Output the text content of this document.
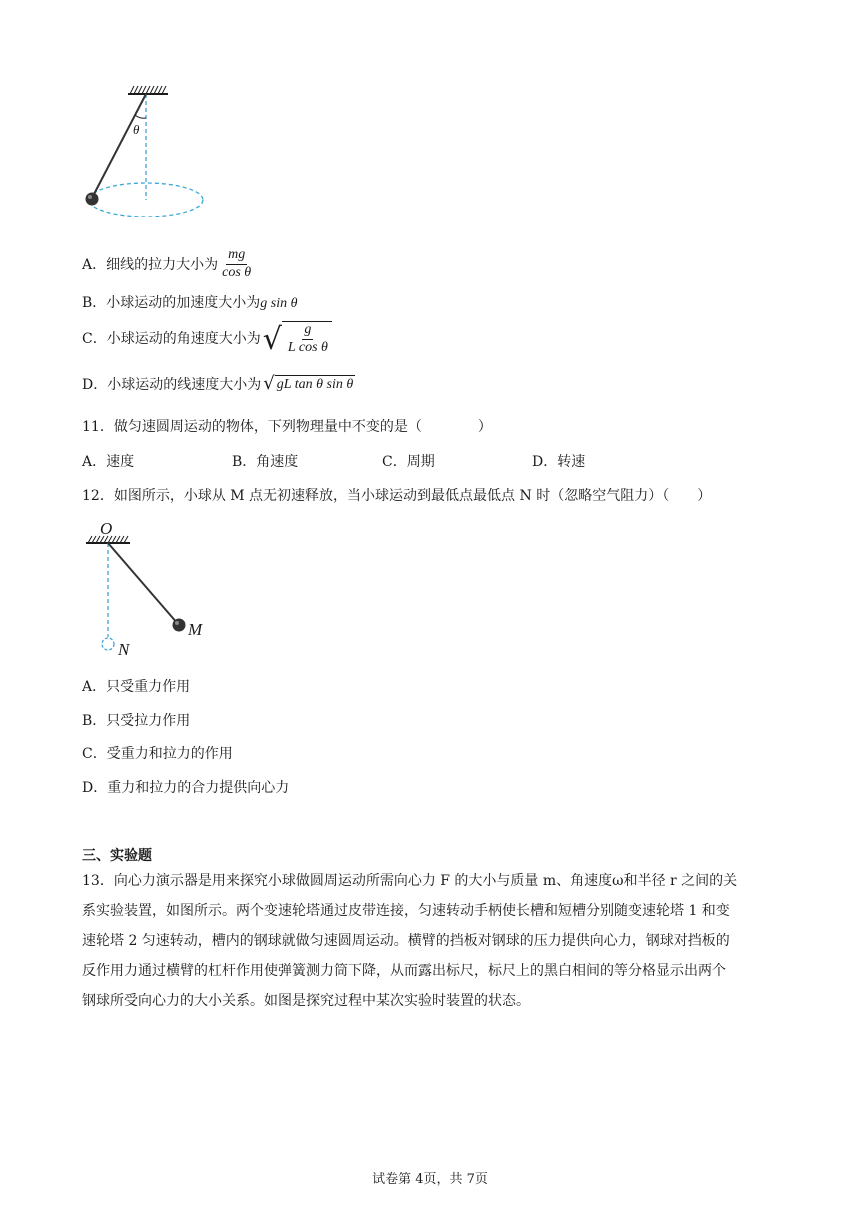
θ
A． 细线的拉力大小为 $\frac{mg}{\text{cos θ}}$
B．小球运动的加速度大小为g sin θ
C． 小球运动的角速度大小为 √ $\frac{g}{\text{L cos θ}}$
D． 小球运动的线速度大小为 √ gL tan θ sin θ
11．做匀速圆周运动的物体，下列物理量中不变的是（　　　　）
A．速度	B．角速度	C．周期	D．转速
12．如图所示，小球从 M 点无初速释放，当小球运动到最低点最低点 N 时（忽略空气阻力）（　　）
O
N
M
A．只受重力作用
B．只受拉力作用
C．受重力和拉力的作用
D．重力和拉力的合力提供向心力
三、实验题

13．向心力演示器是用来探究小球做圆周运动所需向心力 F 的大小与质量 m、角速度ω和半径 r 之间的关

系实验装置，如图所示。两个变速轮塔通过皮带连接，匀速转动手柄使长槽和短槽分别随变速轮塔 1 和变

速轮塔 2 匀速转动，槽内的钢球就做匀速圆周运动。横臂的挡板对钢球的压力提供向心力，钢球对挡板的

反作用力通过横臂的杠杆作用使弹簧测力筒下降，从而露出标尺，标尺上的黑白相间的等分格显示出两个

钢球所受向心力的大小关系。如图是探究过程中某次实验时装置的状态。

试卷第 4页，共 7页
